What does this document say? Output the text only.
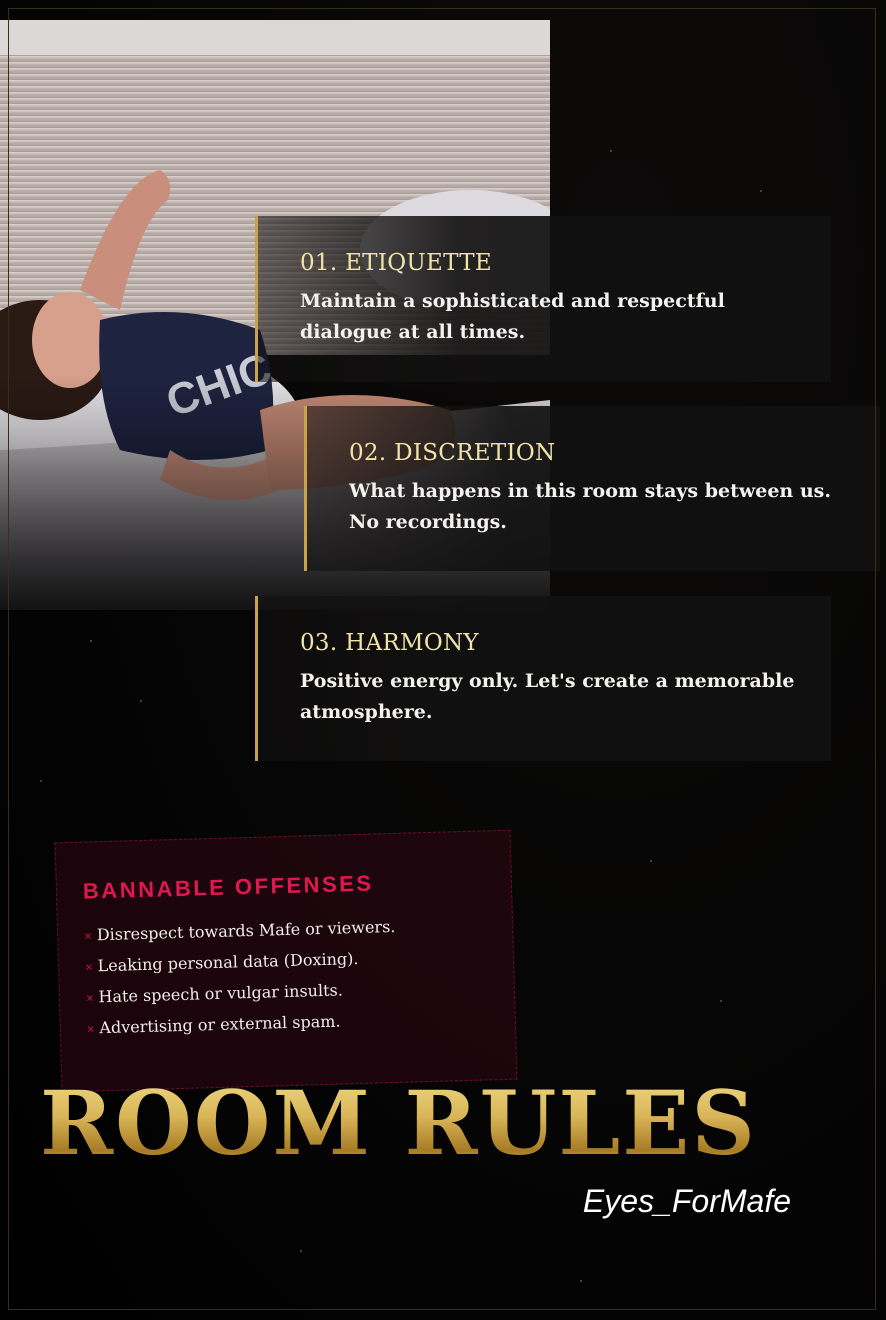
01. ETIQUETTE
Maintain a sophisticated and respectful dialogue at all times.
02. DISCRETION
What happens in this room stays between us. No recordings.
03. HARMONY
Positive energy only. Let's create a memorable atmosphere.
BANNABLE OFFENSES
× Disrespect towards Mafe or viewers.
× Leaking personal data (Doxing).
× Hate speech or vulgar insults.
× Advertising or external spam.
ROOM RULES
Eyes_ForMafe
